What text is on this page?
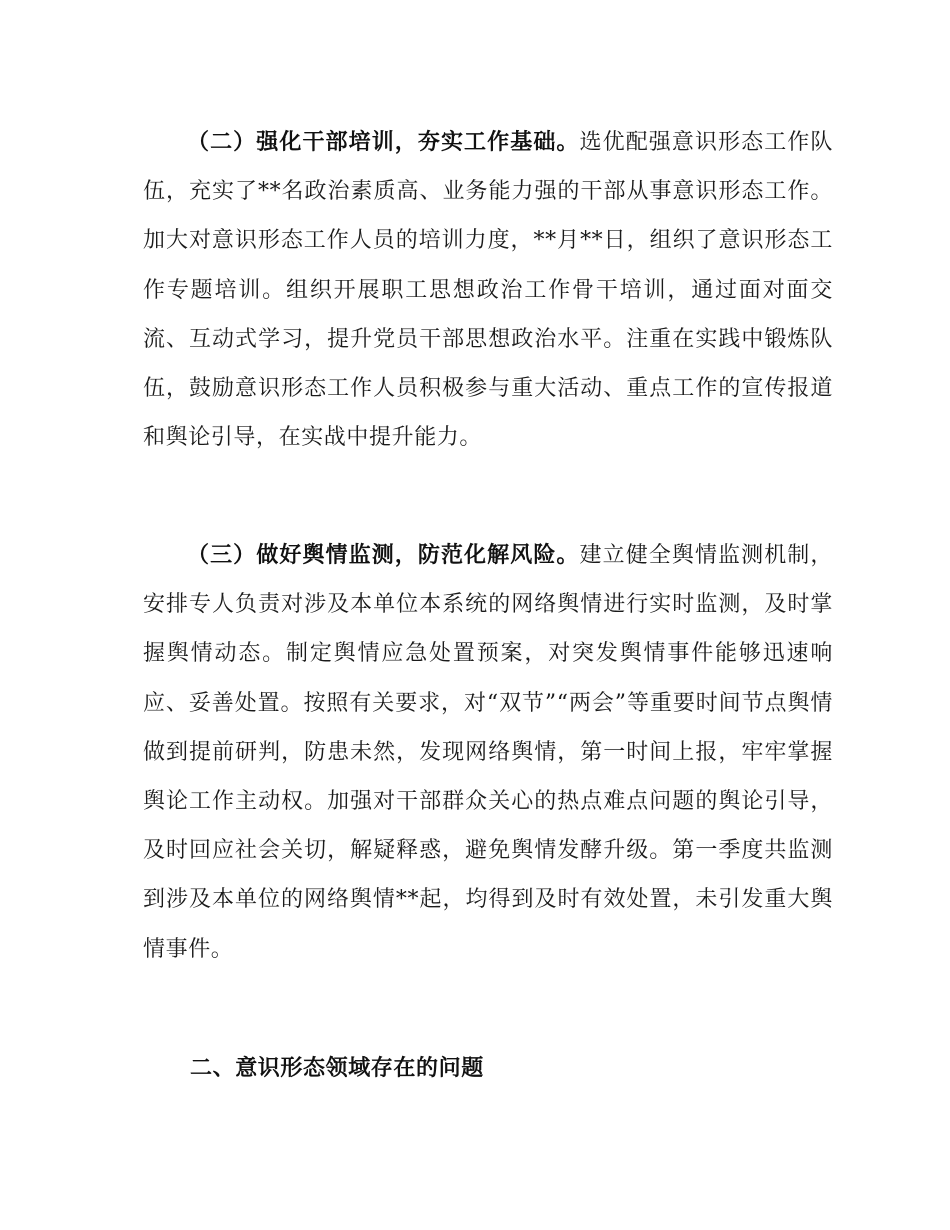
（二）强化干部培训，夯实工作基础。选优配强意识形态工作队伍，充实了**名政治素质高、业务能力强的干部从事意识形态工作。加大对意识形态工作人员的培训力度，**月**日，组织了意识形态工作专题培训。组织开展职工思想政治工作骨干培训，通过面对面交流、互动式学习，提升党员干部思想政治水平。注重在实践中锻炼队伍，鼓励意识形态工作人员积极参与重大活动、重点工作的宣传报道和舆论引导，在实战中提升能力。

（三）做好舆情监测，防范化解风险。建立健全舆情监测机制，安排专人负责对涉及本单位本系统的网络舆情进行实时监测，及时掌握舆情动态。制定舆情应急处置预案，对突发舆情事件能够迅速响应、妥善处置。按照有关要求，对“双节”“两会”等重要时间节点舆情做到提前研判，防患未然，发现网络舆情，第一时间上报，牢牢掌握舆论工作主动权。加强对干部群众关心的热点难点问题的舆论引导，及时回应社会关切，解疑释惑，避免舆情发酵升级。第一季度共监测到涉及本单位的网络舆情**起，均得到及时有效处置，未引发重大舆情事件。

二、意识形态领域存在的问题
